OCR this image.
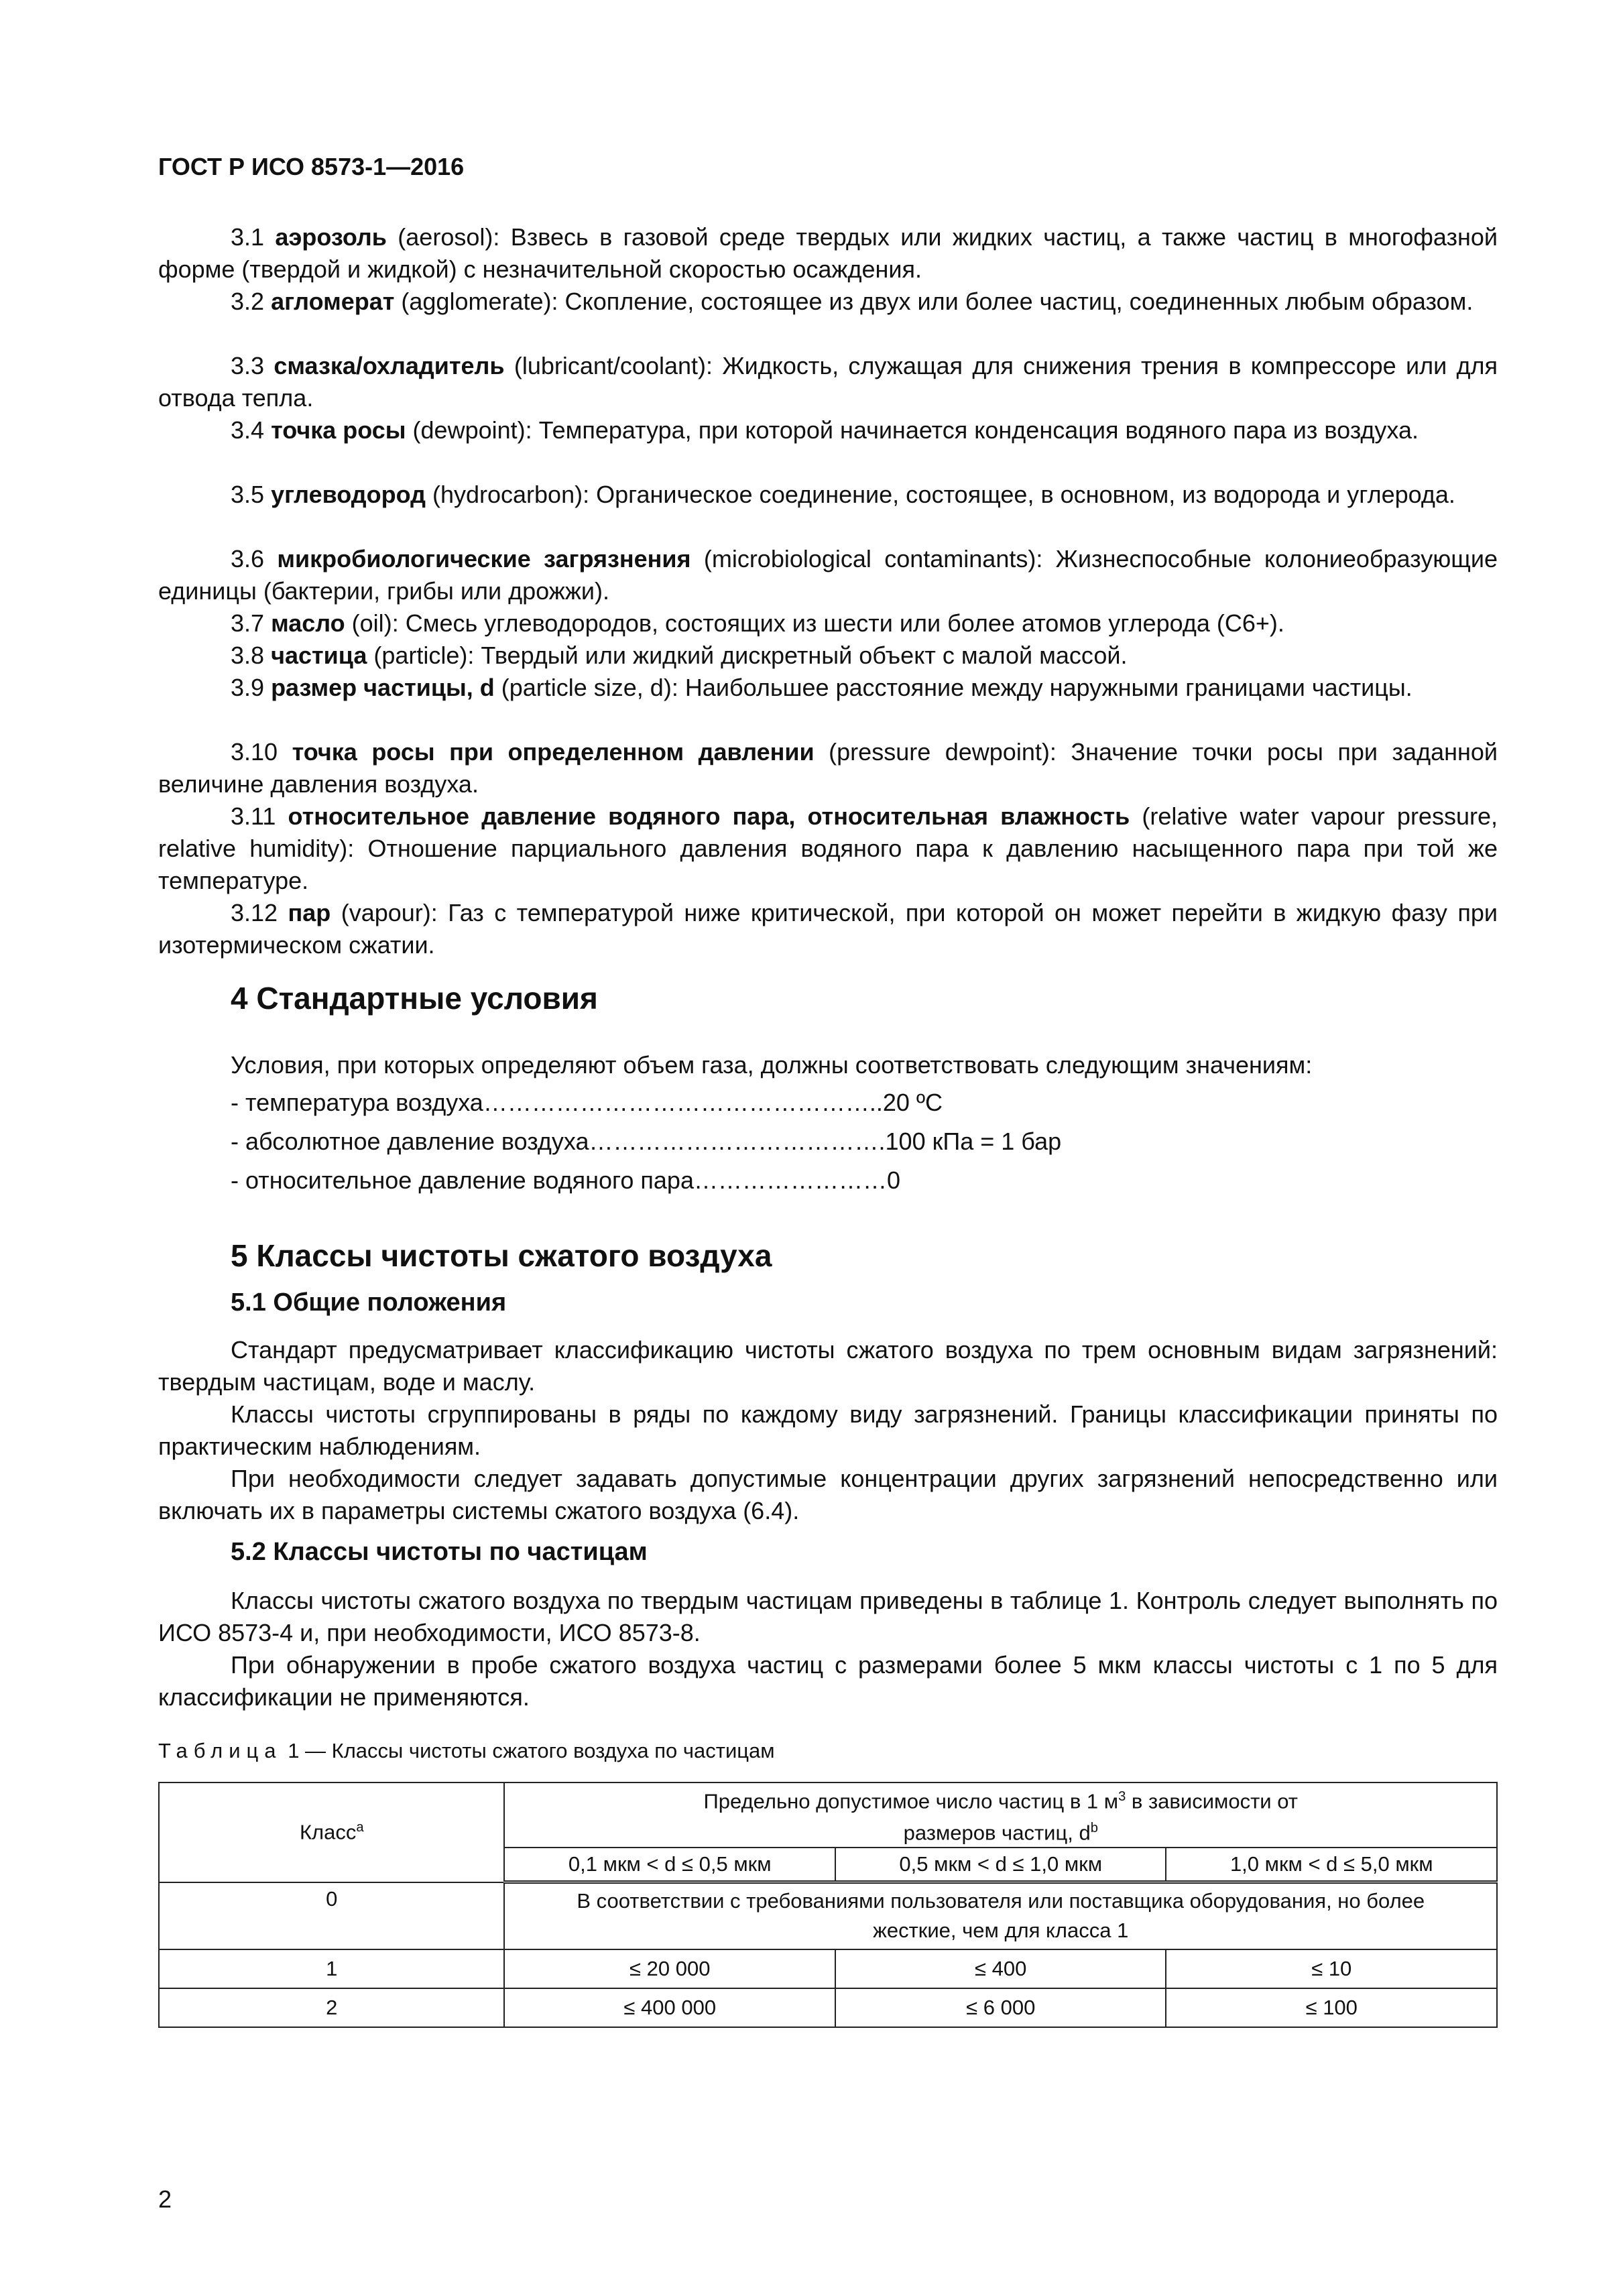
ГОСТ Р ИСО 8573-1—2016

3.1 аэрозоль (aerosol): Взвесь в газовой среде твердых или жидких частиц, а также частиц в многофазной форме (твердой и жидкой) с незначительной скоростью осаждения.

3.2 агломерат (agglomerate): Скопление, состоящее из двух или более частиц, соединенных любым образом.

3.3 смазка/охладитель (lubricant/coolant): Жидкость, служащая для снижения трения в компрессоре или для отвода тепла.

3.4 точка росы (dewpoint): Температура, при которой начинается конденсация водяного пара из воздуха.

3.5 углеводород (hydrocarbon): Органическое соединение, состоящее, в основном, из водорода и углерода.

3.6 микробиологические загрязнения (microbiological contaminants): Жизнеспособные колониеобразующие единицы (бактерии, грибы или дрожжи).

3.7 масло (oil): Смесь углеводородов, состоящих из шести или более атомов углерода (C6+).

3.8 частица (particle): Твердый или жидкий дискретный объект с малой массой.

3.9 размер частицы, d (particle size, d): Наибольшее расстояние между наружными границами частицы.

3.10 точка росы при определенном давлении (pressure dewpoint): Значение точки росы при заданной величине давления воздуха.

3.11 относительное давление водяного пара, относительная влажность (relative water vapour pressure, relative humidity): Отношение парциального давления водяного пара к давлению насыщенного пара при той же температуре.

3.12 пар (vapour): Газ с температурой ниже критической, при которой он может перейти в жидкую фазу при изотермическом сжатии.

4 Стандартные условия
Условия, при которых определяют объем газа, должны соответствовать следующим значениям:
- температура воздуха…………………………………………..20 ºС
- абсолютное давление воздуха……………………………….100 кПа = 1 бар
- относительное давление водяного пара……………………0
5 Классы чистоты сжатого воздуха
5.1 Общие положения

Стандарт предусматривает классификацию чистоты сжатого воздуха по трем основным видам загрязнений: твердым частицам, воде и маслу.

Классы чистоты сгруппированы в ряды по каждому виду загрязнений. Границы классификации приняты по практическим наблюдениям.

При необходимости следует задавать допустимые концентрации других загрязнений непосредственно или включать их в параметры системы сжатого воздуха (6.4).

5.2 Классы чистоты по частицам

Классы чистоты сжатого воздуха по твердым частицам приведены в таблице 1. Контроль следует выполнять по ИСО 8573-4 и, при необходимости, ИСО 8573-8.

При обнаружении в пробе сжатого воздуха частиц с размерами более 5 мкм классы чистоты с 1 по 5 для классификации не применяются.

Таблица 1 — Классы чистоты сжатого воздуха по частицам
Класс$^a$	Предельно допустимое число частиц в 1 $м^3$ в зависимости от
размеров частиц, $d^b$
	0,1 мкм < d ≤ 0,5 мкм	0,5 мкм < d ≤ 1,0 мкм	1,0 мкм < d ≤ 5,0 мкм
0	В соответствии с требованиями пользователя или поставщика оборудования, но более жесткие, чем для класса 1		
1	≤ 20 000	≤ 400	≤ 10
2	≤ 400 000	≤ 6 000	≤ 100
2
